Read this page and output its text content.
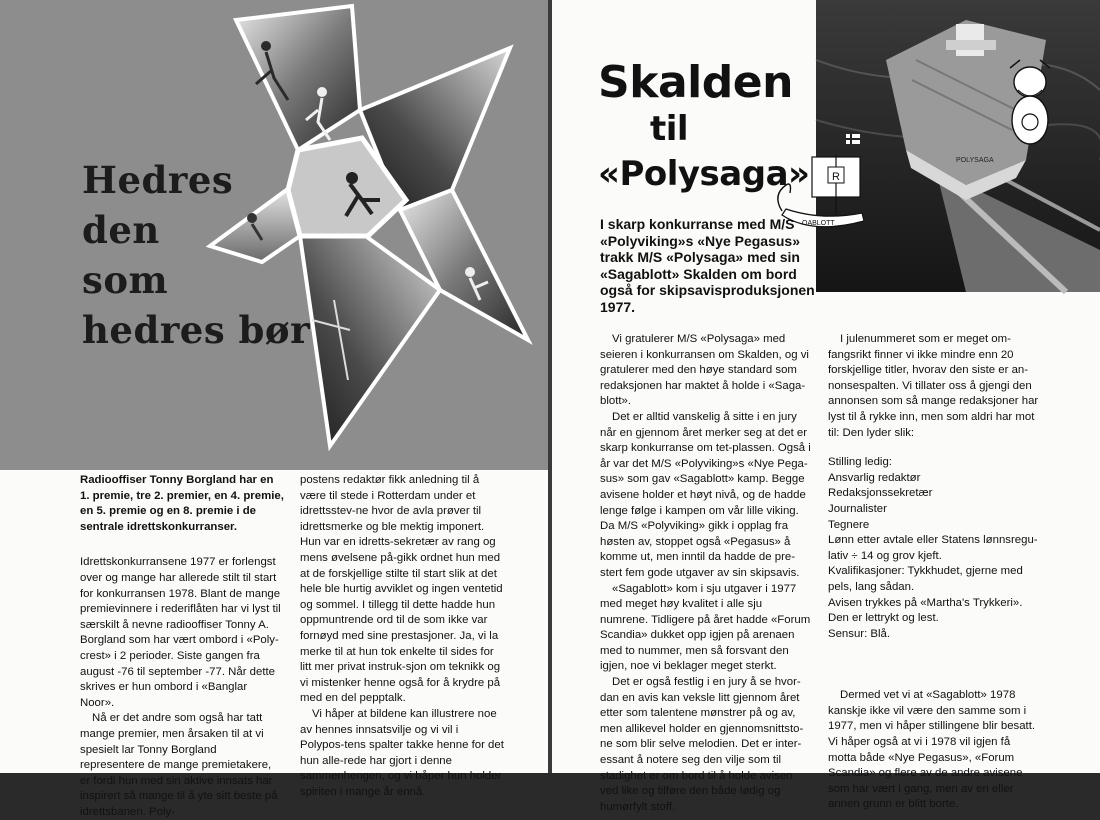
Hedres
den
som
hedres bør

Radiooffiser Tonny Borgland har en 1. premie, tre 2. premier, en 4. premie, en 5. premie og en 8. premie i de sentrale idrettskonkurranser.

Idrettskonkurransene 1977 er forlengst over og mange har allerede stilt til start for konkurransen 1978. Blant de mange premievinnere i rederiflåten har vi lyst til særskilt å nevne radiooffiser Tonny A. Borgland som har vært ombord i «Poly-crest» i 2 perioder. Siste gangen fra august -76 til september -77. Når dette skrives er hun ombord i «Banglar Noor».

Nå er det andre som også har tatt mange premier, men årsaken til at vi spesielt lar Tonny Borgland representere de mange premietakere, er fordi hun med sin aktive innsats har inspirert så mange til å yte sitt beste på idrettsbanen. Poly-

postens redaktør fikk anledning til å være til stede i Rotterdam under et idrettsstev-ne hvor de avla prøver til idrettsmerke og ble mektig imponert. Hun var en idretts-sekretær av rang og mens øvelsene på-gikk ordnet hun med at de forskjellige stilte til start slik at det hele ble hurtig avviklet og ingen ventetid og sommel. I tillegg til dette hadde hun oppmuntrende ord til de som ikke var fornøyd med sine prestasjoner. Ja, vi la merke til at hun tok enkelte til sides for litt mer privat instruk-sjon om teknikk og vi mistenker henne også for å krydre på med en del pepptalk.

Vi håper at bildene kan illustrere noe av hennes innsatsvilje og vi vil i Polypos-tens spalter takke henne for det hun alle-rede har gjort i denne sammenhengen, og vi håper hun holder spiriten i mange år ennå.

POLYSAGA
R
OABLOTT
Skalden
til
«Polysaga»

I skarp konkurranse med M/S «Polyviking»s «Nye Pegasus» trakk M/S «Polysaga» med sin «Sagablott» Skalden om bord også for skipsavisproduksjonen 1977.

Vi gratulerer M/S «Polysaga» med seieren i konkurransen om Skalden, og vi gratulerer med den høye standard som redaksjonen har maktet å holde i «Saga-blott».

Det er alltid vanskelig å sitte i en jury når en gjennom året merker seg at det er skarp konkurranse om tet-plassen. Også i år var det M/S «Polyviking»s «Nye Pega-sus» som gav «Sagablott» kamp. Begge avisene holder et høyt nivå, og de hadde lenge følge i kampen om vår lille viking. Da M/S «Polyviking» gikk i opplag fra høsten av, stoppet også «Pegasus» å komme ut, men inntil da hadde de pre-stert fem gode utgaver av sin skipsavis.

«Sagablott» kom i sju utgaver i 1977 med meget høy kvalitet i alle sju numrene. Tidligere på året hadde «Forum Scandia» dukket opp igjen på arenaen med to nummer, men så forsvant den igjen, noe vi beklager meget sterkt.

Det er også festlig i en jury å se hvor-dan en avis kan veksle litt gjennom året etter som talentene mønstrer på og av, men allikevel holder en gjennomsnittsto-ne som blir selve melodien. Det er inter-essant å notere seg den vilje som til stadighet er om bord til å holde avisen ved like og tilføre den både lødig og humørfylt stoff.

I julenummeret som er meget om-fangsrikt finner vi ikke mindre enn 20 forskjellige titler, hvorav den siste er an-nonsespalten. Vi tillater oss å gjengi den annonsen som så mange redaksjoner har lyst til å rykke inn, men som aldri har mot til: Den lyder slik:

Stilling ledig:

Ansvarlig redaktør

Redaksjonssekretær

Journalister

Tegnere

Lønn etter avtale eller Statens lønnsregu-lativ ÷ 14 og grov kjeft.

Kvalifikasjoner: Tykkhudet, gjerne med pels, lang sådan.

Avisen trykkes på «Martha's Trykkeri».

Den er lettrykt og lest.

Sensur: Blå.

Dermed vet vi at «Sagablott» 1978 kanskje ikke vil være den samme som i 1977, men vi håper stillingene blir besatt. Vi håper også at vi i 1978 vil igjen få motta både «Nye Pegasus», «Forum Scandia» og flere av de andre avisene som har vært i gang, men av en eller annen grunn er blitt borte.
